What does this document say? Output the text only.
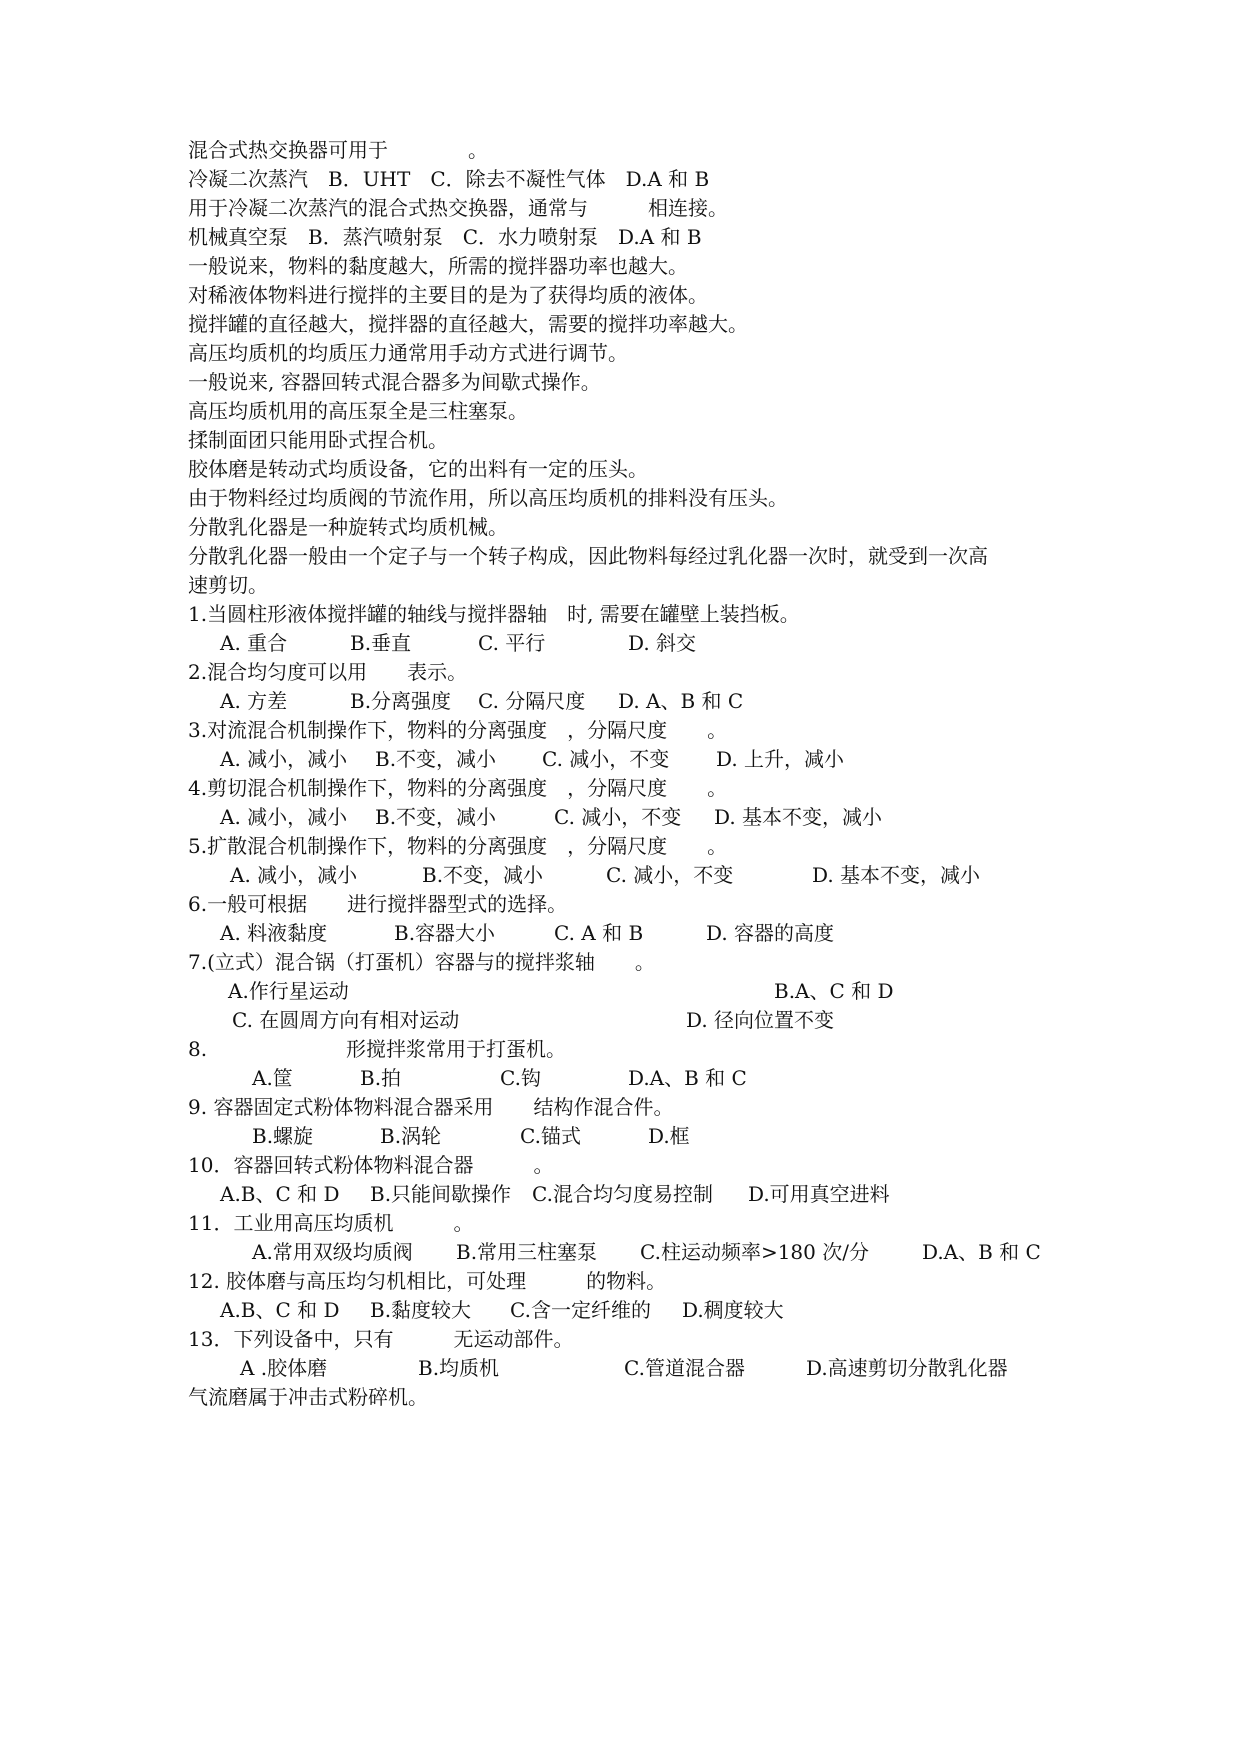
混合式热交换器可用于　　　　。
冷凝二次蒸汽　B．UHT　C．除去不凝性气体　D.A 和 B
用于冷凝二次蒸汽的混合式热交换器，通常与　　　相连接。
机械真空泵　B．蒸汽喷射泵　C．水力喷射泵　D.A 和 B
一般说来，物料的黏度越大，所需的搅拌器功率也越大。
对稀液体物料进行搅拌的主要目的是为了获得均质的液体。
搅拌罐的直径越大，搅拌器的直径越大，需要的搅拌功率越大。
高压均质机的均质压力通常用手动方式进行调节。
一般说来, 容器回转式混合器多为间歇式操作。
高压均质机用的高压泵全是三柱塞泵。
揉制面团只能用卧式捏合机。
胶体磨是转动式均质设备，它的出料有一定的压头。
由于物料经过均质阀的节流作用，所以高压均质机的排料没有压头。
分散乳化器是一种旋转式均质机械。
分散乳化器一般由一个定子与一个转子构成，因此物料每经过乳化器一次时，就受到一次高
速剪切。
1.当圆柱形液体搅拌罐的轴线与搅拌器轴　时, 需要在罐壁上装挡板。
A. 重合	B.垂直	C. 平行	D. 斜交
2.混合均匀度可以用　　表示。
A. 方差	B.分离强度 C. 分隔尺度 D. A、B 和 C
3.对流混合机制操作下，物料的分离强度　，分隔尺度　　。
A. 减小，减小 B.不变，减小 C. 减小，不变 D. 上升，减小
4.剪切混合机制操作下，物料的分离强度　，分隔尺度　　。
A. 减小，减小 B.不变，减小	C. 减小，不变 D. 基本不变，减小
5.扩散混合机制操作下，物料的分离强度　，分隔尺度　　。
A. 减小，减小	B.不变，减小	C. 减小，不变	D. 基本不变，减小
6.一般可根据　　进行搅拌器型式的选择。
A. 料液黏度	B.容器大小	C. A 和 B	D. 容器的高度
7.(立式）混合锅（打蛋机）容器与的搅拌浆轴　　。
A.作行星运动	B.A、C 和 D
C. 在圆周方向有相对运动	D. 径向位置不变
8.	形搅拌浆常用于打蛋机。
A.筐	B.拍	C.钩	D.A、B 和 C
9. 容器固定式粉体物料混合器采用　　结构作混合件。
B.螺旋	B.涡轮	C.锚式	D.框
10．容器回转式粉体物料混合器　　　。
A.B、C 和 D B.只能间歇操作 C.混合均匀度易控制 D.可用真空进料
11．工业用高压均质机　　　。
A.常用双级均质阀 B.常用三柱塞泵 C.柱运动频率>180 次/分	D.A、B 和 C
12. 胶体磨与高压均匀机相比，可处理　　　的物料。
A.B、C 和 D B.黏度较大 C.含一定纤维的 D.稠度较大
13．下列设备中，只有　　　无运动部件。
A .胶体磨	B.均质机	C.管道混合器	D.高速剪切分散乳化器
气流磨属于冲击式粉碎机。
